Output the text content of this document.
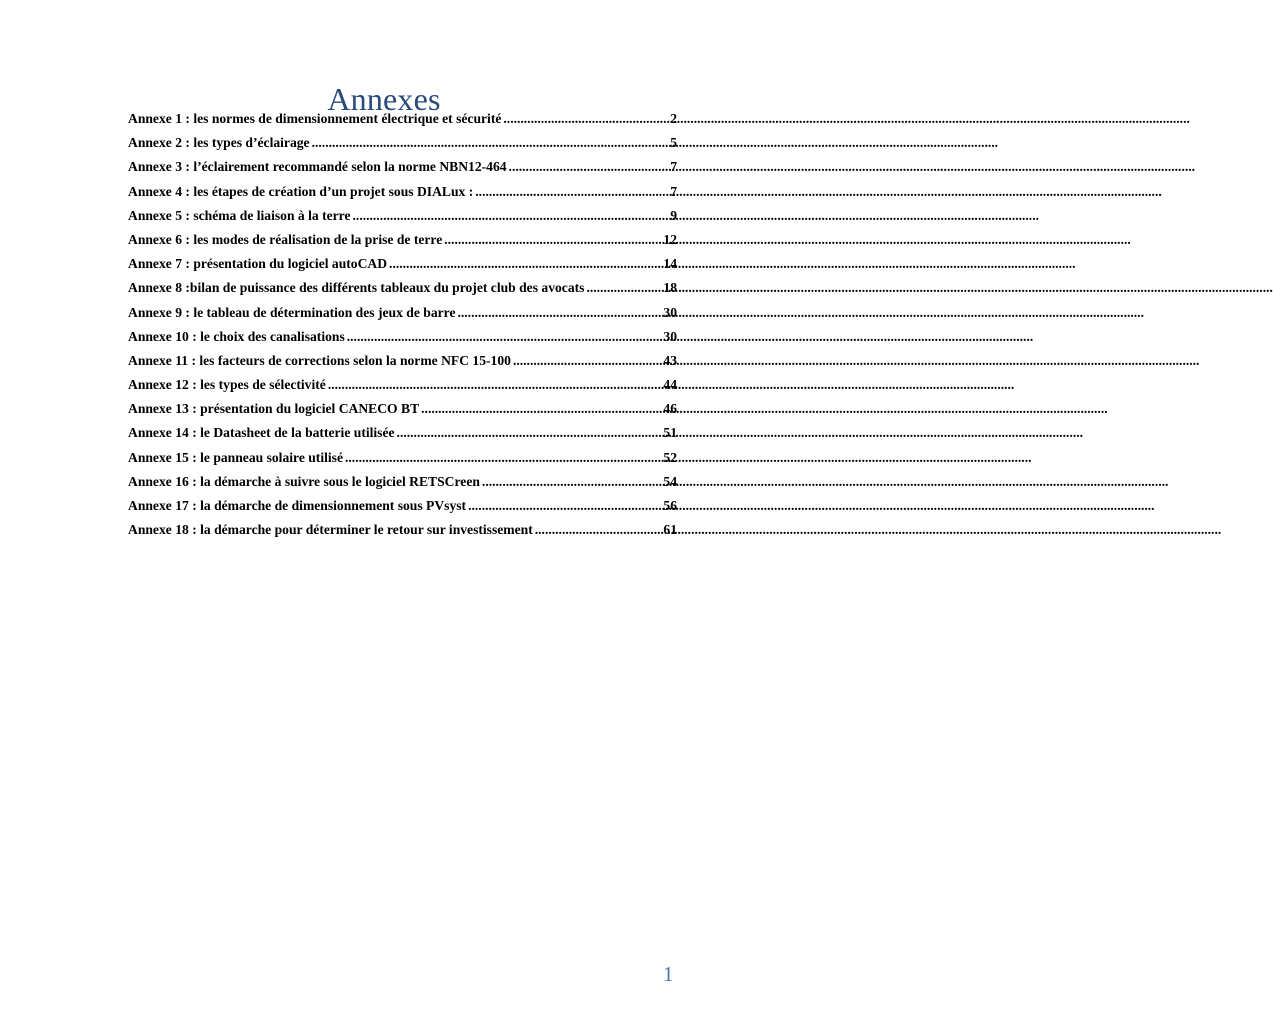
Annexes
Annexe 1 : les normes de dimensionnement électrique et sécurité .....	2
Annexe 2 : les types d’éclairage .....	5
Annexe 3 : l’éclairement recommandé selon la norme NBN12-464 .....	7
Annexe 4 : les étapes de création d’un projet sous DIALux : .....	7
Annexe 5 : schéma de liaison à la terre .....	9
Annexe 6 : les modes de réalisation de la prise de terre .....	12
Annexe 7 : présentation du logiciel autoCAD .....	14
Annexe 8 :bilan de puissance des différents tableaux du projet club des avocats .....	18
Annexe 9 : le tableau de détermination des jeux de barre .....	30
Annexe 10 : le choix des canalisations .....	30
Annexe 11 : les facteurs de corrections selon la norme NFC 15-100 .....	43
Annexe 12 : les types de sélectivité .....	44
Annexe 13 : présentation du logiciel CANECO BT .....	46
Annexe 14 : le Datasheet de la batterie utilisée .....	51
Annexe 15 : le panneau solaire utilisé .....	52
Annexe 16 : la démarche à suivre sous le logiciel RETSCreen .....	54
Annexe 17 : la démarche de dimensionnement sous PVsyst .....	56
Annexe 18 : la démarche pour déterminer le retour sur investissement .....	61
1
